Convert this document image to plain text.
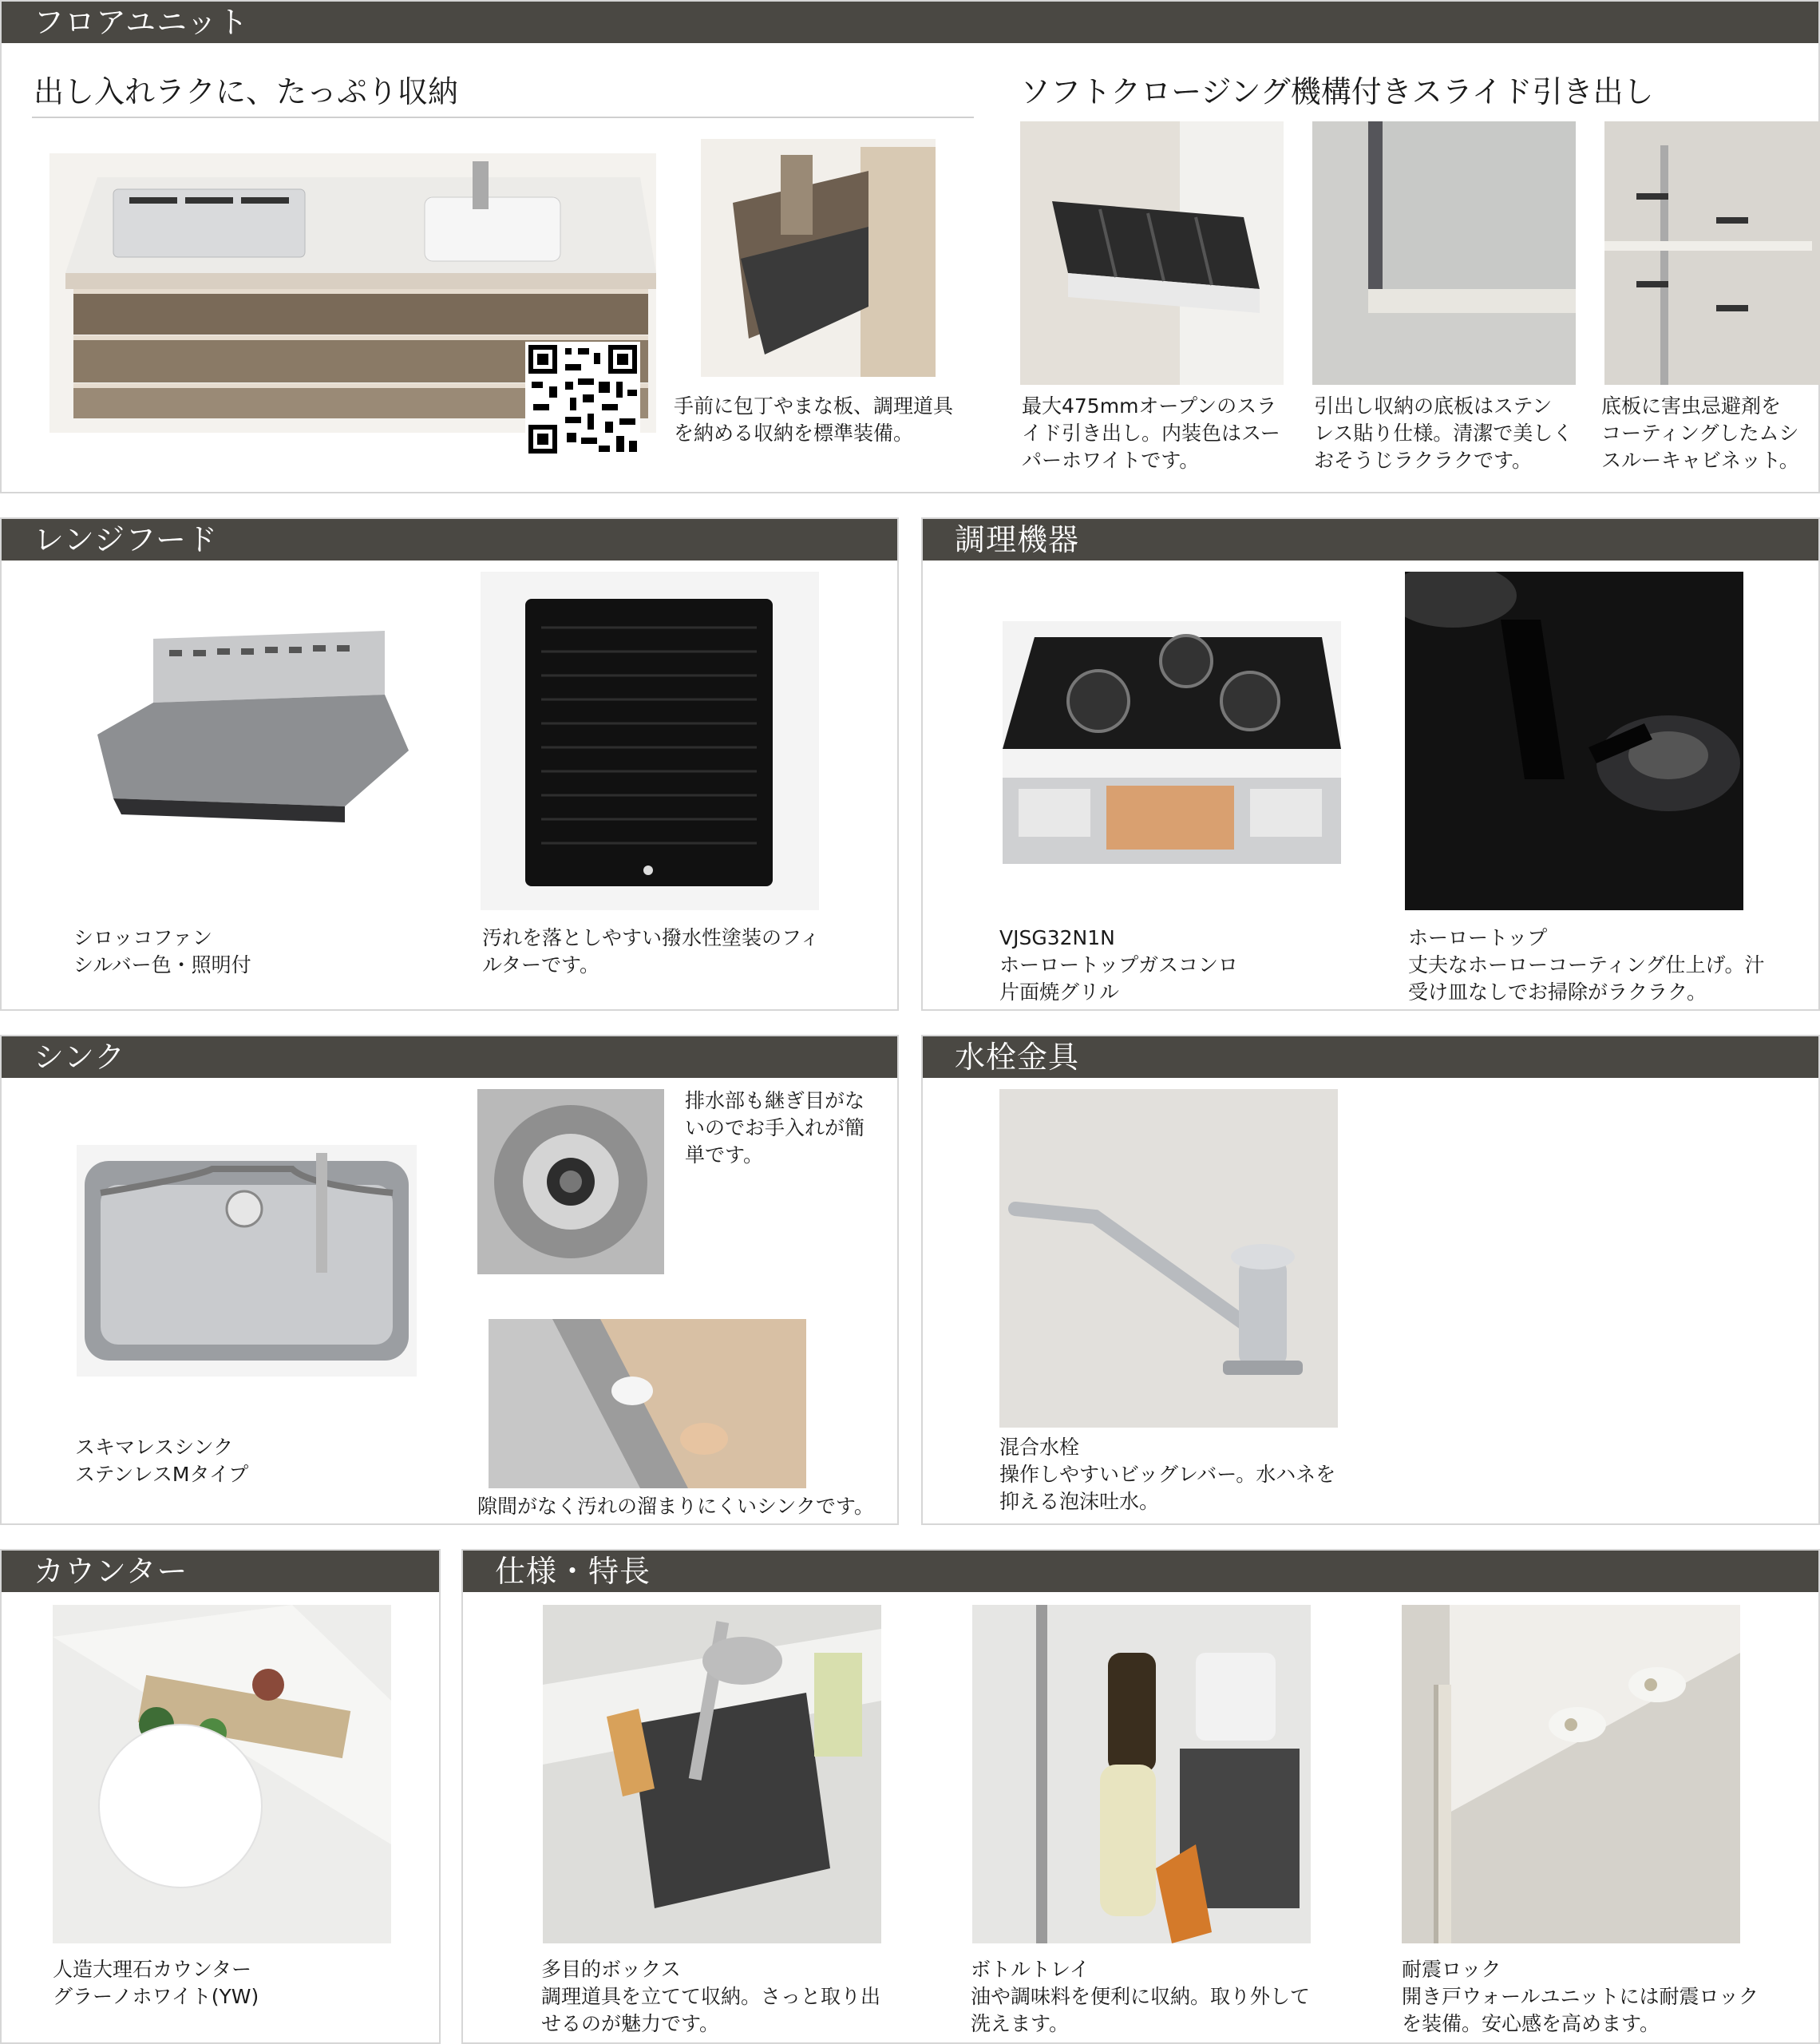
フロアユニット
出し入れラクに、たっぷり収納	ソフトクロージング機構付きスライド引き出し
手前に包丁やまな板、調理道具
を納める収納を標準装備。
最大475mmオープンのスラ
イド引き出し。内装色はスー
パーホワイトです。
引出し収納の底板はステン
レス貼り仕様。清潔で美しく
おそうじラクラクです。
底板に害虫忌避剤を
コーティングしたムシ
スルーキャビネット。
レンジフード
シロッコファン
シルバー色・照明付
汚れを落としやすい撥水性塗装のフィ
ルターです。
調理機器
VJSG32N1N
ホーロートップガスコンロ
片面焼グリル
ホーロートップ
丈夫なホーローコーティング仕上げ。汁
受け皿なしでお掃除がラクラク。
シンク
スキマレスシンク
ステンレスMタイプ
排水部も継ぎ目がな
いのでお手入れが簡
単です。
隙間がなく汚れの溜まりにくいシンクです。
水栓金具
混合水栓
操作しやすいビッグレバー。水ハネを
抑える泡沫吐水。
カウンター
人造大理石カウンター
グラーノホワイト(YW)
仕様・特長
多目的ボックス
調理道具を立てて収納。さっと取り出
せるのが魅力です。
ボトルトレイ
油や調味料を便利に収納。取り外して
洗えます。
耐震ロック
開き戸ウォールユニットには耐震ロック
を装備。安心感を高めます。
